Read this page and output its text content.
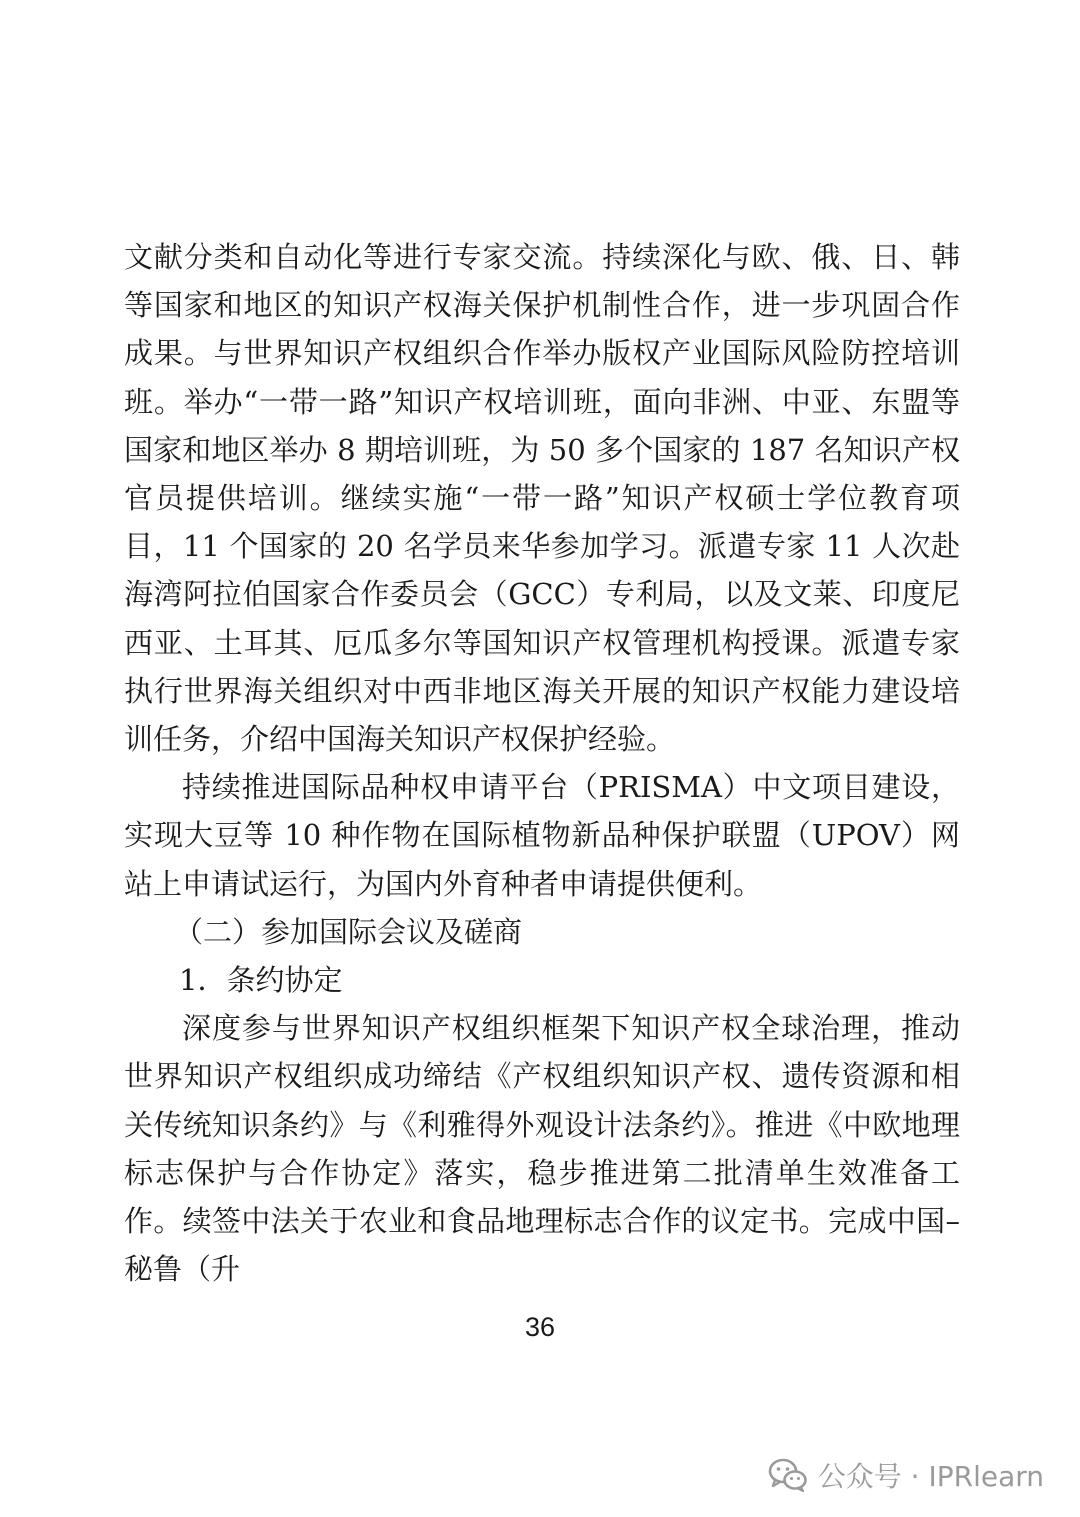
文献分类和自动化等进行专家交流。持续深化与欧、俄、日、韩等国家和地区的知识产权海关保护机制性合作，进一步巩固合作成果。与世界知识产权组织合作举办版权产业国际风险防控培训班。举办“一带一路”知识产权培训班，面向非洲、中亚、东盟等国家和地区举办 8 期培训班，为 50 多个国家的 187 名知识产权官员提供培训。继续实施“一带一路”知识产权硕士学位教育项目，11 个国家的 20 名学员来华参加学习。派遣专家 11 人次赴海湾阿拉伯国家合作委员会（GCC）专利局，以及文莱、印度尼西亚、土耳其、厄瓜多尔等国知识产权管理机构授课。派遣专家执行世界海关组织对中西非地区海关开展的知识产权能力建设培训任务，介绍中国海关知识产权保护经验。

持续推进国际品种权申请平台（PRISMA）中文项目建设，实现大豆等 10 种作物在国际植物新品种保护联盟（UPOV）网站上申请试运行，为国内外育种者申请提供便利。

（二）参加国际会议及磋商

1．条约协定

深度参与世界知识产权组织框架下知识产权全球治理，推动世界知识产权组织成功缔结《产权组织知识产权、遗传资源和相关传统知识条约》与《利雅得外观设计法条约》。推进《中欧地理标志保护与合作协定》落实，稳步推进第二批清单生效准备工作。续签中法关于农业和食品地理标志合作的议定书。完成中国–秘鲁（升

36
公众号 · IPRlearn
